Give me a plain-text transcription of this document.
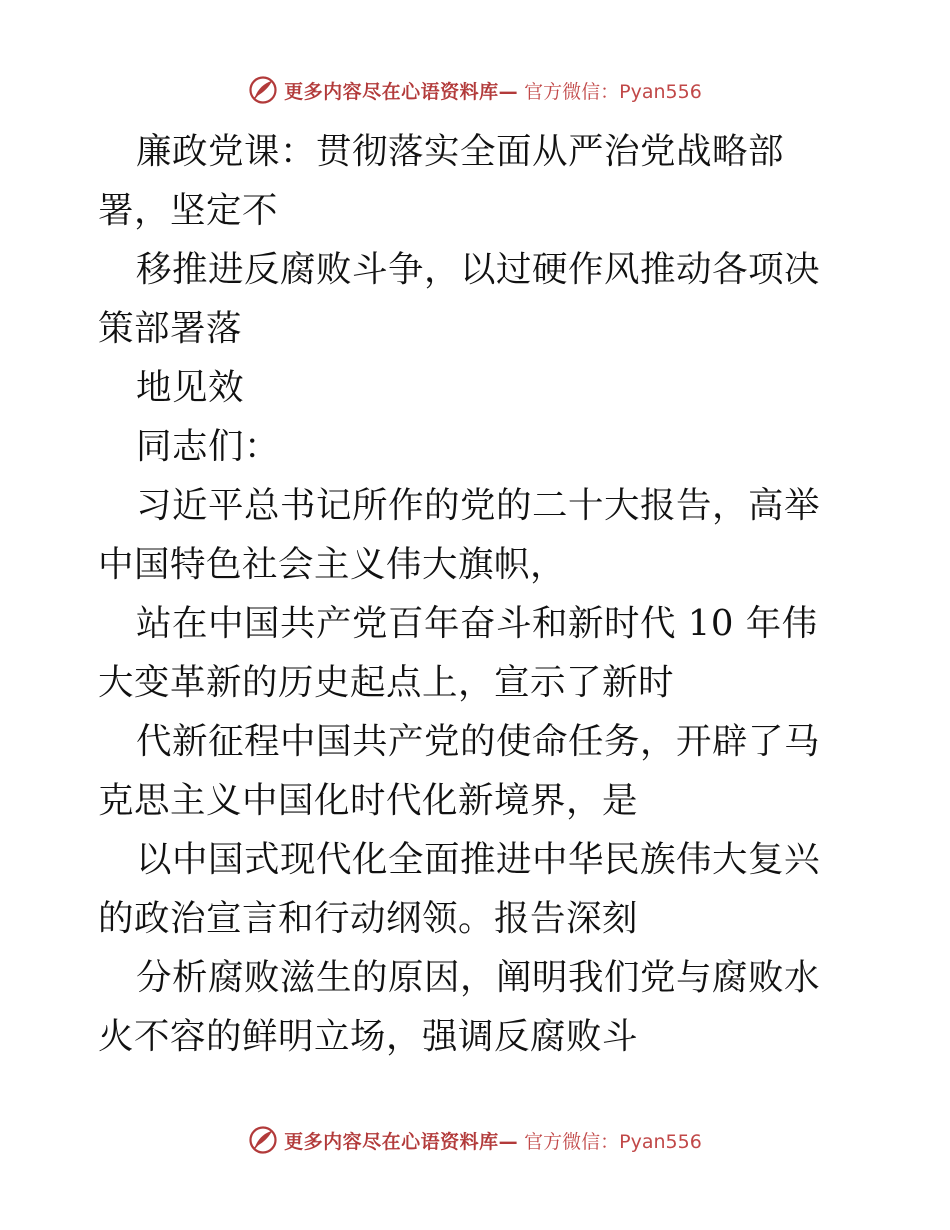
更多内容尽在心语资料库— 官方微信：Pyan556

廉政党课：贯彻落实全面从严治党战略部署，坚定不

移推进反腐败斗争，以过硬作风推动各项决策部署落

地见效

同志们：

习近平总书记所作的党的二十大报告，高举中国特色社会主义伟大旗帜，

站在中国共产党百年奋斗和新时代 10 年伟大变革新的历史起点上，宣示了新时

代新征程中国共产党的使命任务，开辟了马克思主义中国化时代化新境界，是

以中国式现代化全面推进中华民族伟大复兴的政治宣言和行动纲领。报告深刻

分析腐败滋生的原因，阐明我们党与腐败水火不容的鲜明立场，强调反腐败斗

更多内容尽在心语资料库— 官方微信：Pyan556
